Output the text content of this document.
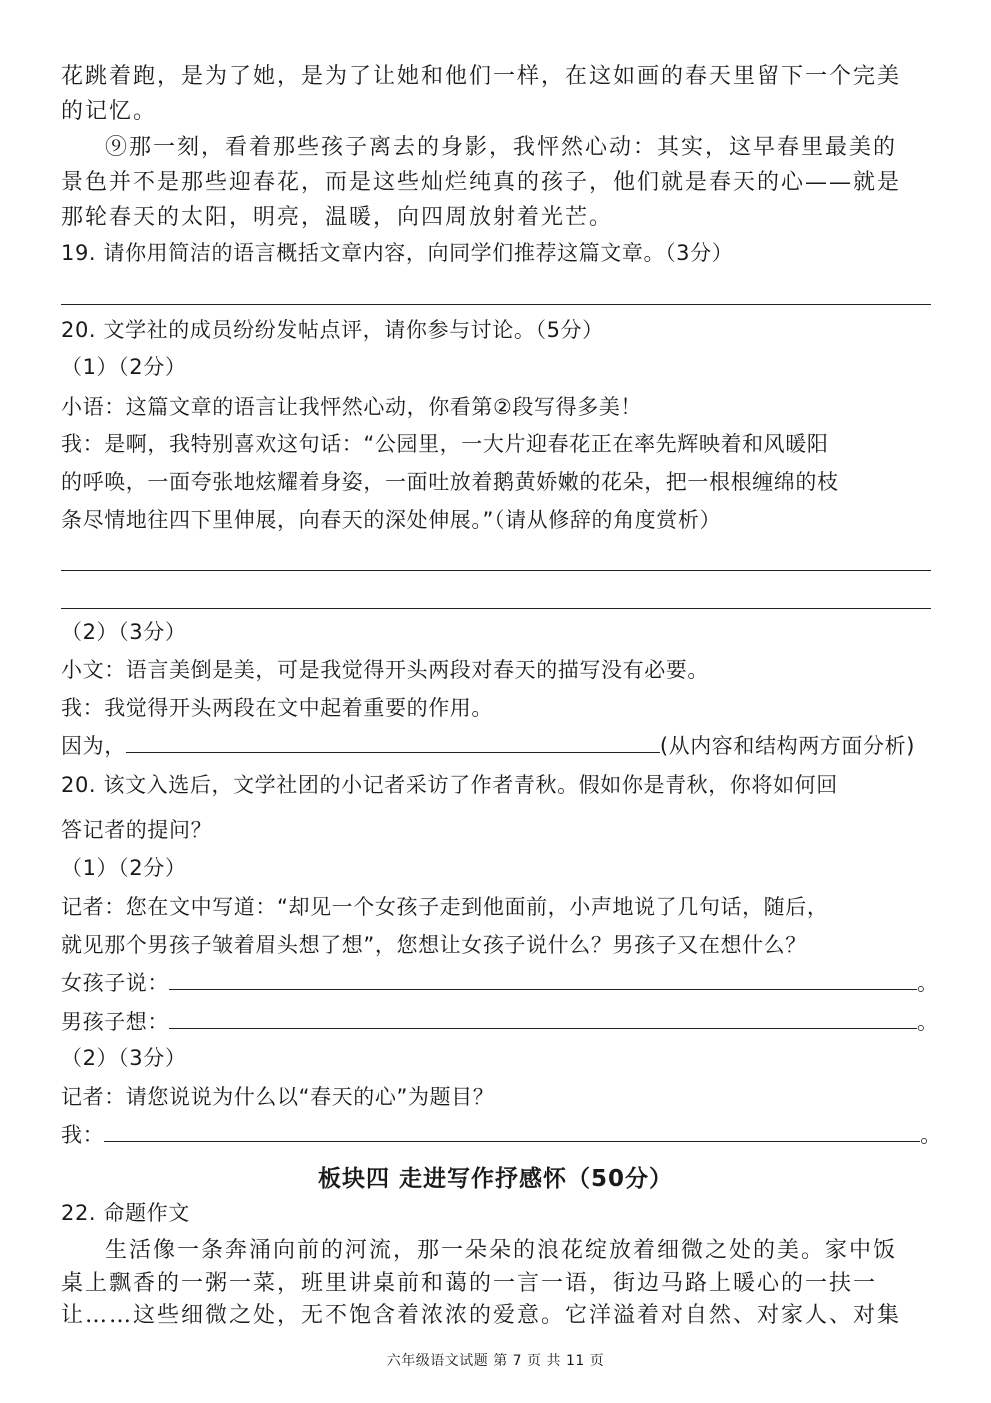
花跳着跑，是为了她，是为了让她和他们一样，在这如画的春天里留下一个完美
的记忆。
⑨那一刻，看着那些孩子离去的身影，我怦然心动：其实，这早春里最美的
景色并不是那些迎春花，而是这些灿烂纯真的孩子，他们就是春天的心——就是
那轮春天的太阳，明亮，温暖，向四周放射着光芒。
19. 请你用简洁的语言概括文章内容，向同学们推荐这篇文章。（3分）
20. 文学社的成员纷纷发帖点评，请你参与讨论。（5分）
（1）（2分）
小语：这篇文章的语言让我怦然心动，你看第②段写得多美！
我：是啊，我特别喜欢这句话：“公园里，一大片迎春花正在率先辉映着和风暖阳
的呼唤，一面夸张地炫耀着身姿，一面吐放着鹅黄娇嫩的花朵，把一根根缠绵的枝
条尽情地往四下里伸展，向春天的深处伸展。”（请从修辞的角度赏析）
（2）（3分）
小文：语言美倒是美，可是我觉得开头两段对春天的描写没有必要。
我：我觉得开头两段在文中起着重要的作用。
因为，	(从内容和结构两方面分析)
20. 该文入选后，文学社团的小记者采访了作者青秋。假如你是青秋，你将如何回
答记者的提问？
（1）（2分）
记者：您在文中写道：“却见一个女孩子走到他面前，小声地说了几句话，随后，
就见那个男孩子皱着眉头想了想”，您想让女孩子说什么？男孩子又在想什么？
女孩子说：	。
男孩子想：	。
（2）（3分）
记者：请您说说为什么以“春天的心”为题目？
我：	。
板块四 走进写作抒感怀（50分）
22. 命题作文
生活像一条奔涌向前的河流，那一朵朵的浪花绽放着细微之处的美。家中饭
桌上飘香的一粥一菜，班里讲桌前和蔼的一言一语，街边马路上暖心的一扶一
让……这些细微之处，无不饱含着浓浓的爱意。它洋溢着对自然、对家人、对集
六年级语文试题 第 7 页 共 11 页
